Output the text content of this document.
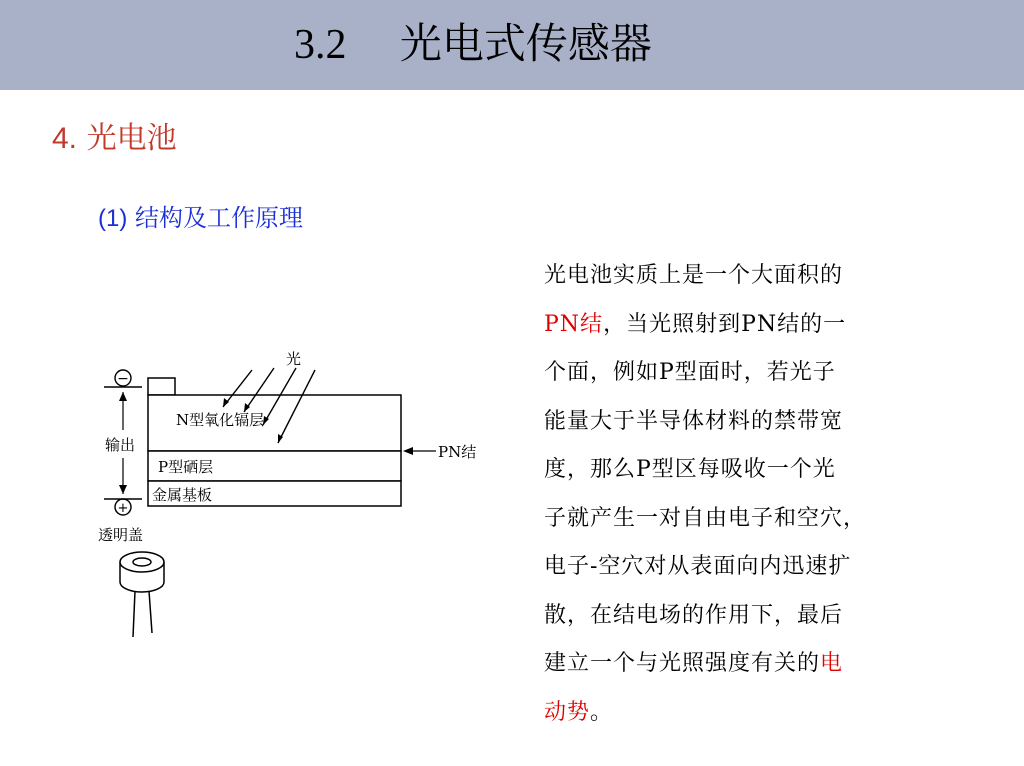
3.2 光电式传感器
4. 光电池
(1) 结构及工作原理
−
+
输出
光
N型氧化镉层
P型硒层
金属基板
PN结
透明盖
光电池实质上是一个大面积的
PN结，当光照射到PN结的一
个面，例如P型面时，若光子
能量大于半导体材料的禁带宽
度，那么P型区每吸收一个光
子就产生一对自由电子和空穴，
电子-空穴对从表面向内迅速扩
散，在结电场的作用下，最后
建立一个与光照强度有关的电
动势。
